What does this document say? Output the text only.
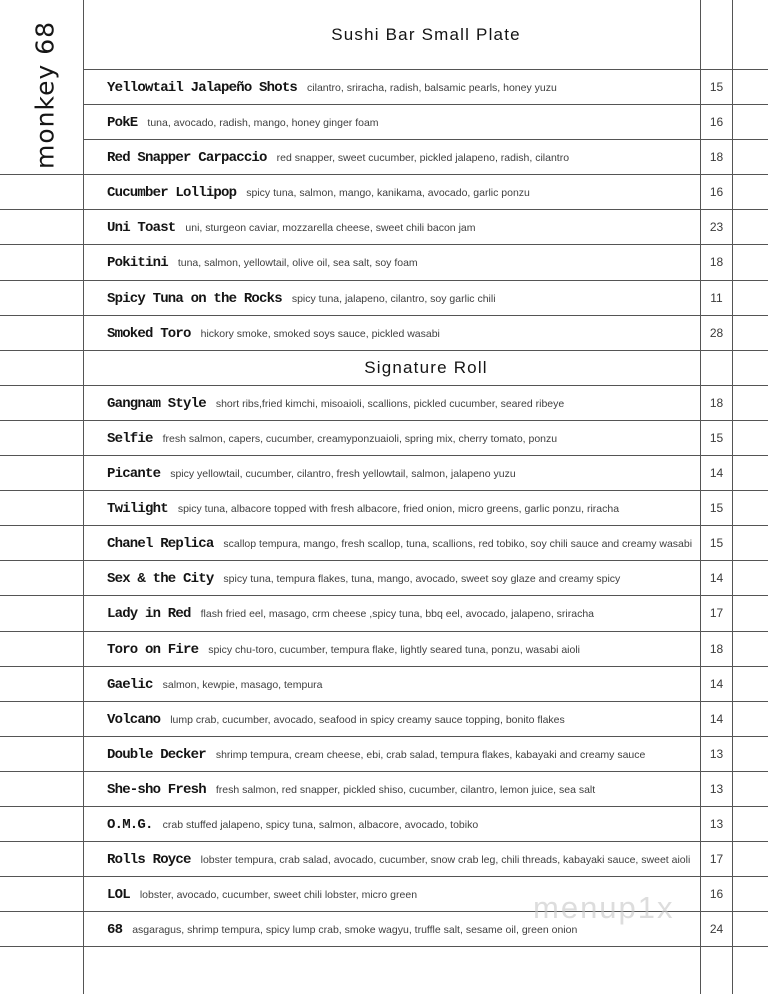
monkey 68	Sushi Bar Small Plate
Yellowtail Jalapeño Shots cilantro, sriracha, radish, balsamic pearls, honey yuzu	15
PokE tuna, avocado, radish, mango, honey ginger foam	16
Red Snapper Carpaccio red snapper, sweet cucumber, pickled jalapeno, radish, cilantro	18
Cucumber Lollipop spicy tuna, salmon, mango, kanikama, avocado, garlic ponzu	16
Uni Toast uni, sturgeon caviar, mozzarella cheese, sweet chili bacon jam	23
Pokitini tuna, salmon, yellowtail, olive oil, sea salt, soy foam	18
Spicy Tuna on the Rocks spicy tuna, jalapeno, cilantro, soy garlic chili	11
Smoked Toro hickory smoke, smoked soys sauce, pickled wasabi	28
Signature Roll
Gangnam Style short ribs,fried kimchi, misoaioli, scallions, pickled cucumber, seared ribeye	18
Selfie fresh salmon, capers, cucumber, creamyponzuaioli, spring mix, cherry tomato, ponzu	15
Picante spicy yellowtail, cucumber, cilantro, fresh yellowtail, salmon, jalapeno yuzu	14
Twilight spicy tuna, albacore topped with fresh albacore, fried onion, micro greens, garlic ponzu, riracha	15
Chanel Replica scallop tempura, mango, fresh scallop, tuna, scallions, red tobiko, soy chili sauce and creamy wasabi	15
Sex & the City spicy tuna, tempura flakes, tuna, mango, avocado, sweet soy glaze and creamy spicy	14
Lady in Red flash fried eel, masago, crm cheese ,spicy tuna, bbq eel, avocado, jalapeno, sriracha	17
Toro on Fire spicy chu-toro, cucumber, tempura flake, lightly seared tuna, ponzu, wasabi aioli	18
Gaelic salmon, kewpie, masago, tempura	14
Volcano lump crab, cucumber, avocado, seafood in spicy creamy sauce topping, bonito flakes	14
Double Decker shrimp tempura, cream cheese, ebi, crab salad, tempura flakes, kabayaki and creamy sauce	13
She-sho Fresh fresh salmon, red snapper, pickled shiso, cucumber, cilantro, lemon juice, sea salt	13
O.M.G. crab stuffed jalapeno, spicy tuna, salmon, albacore, avocado, tobiko	13
Rolls Royce lobster tempura, crab salad, avocado, cucumber, snow crab leg, chili threads, kabayaki sauce, sweet aioli	17
LOL lobster, avocado, cucumber, sweet chili lobster, micro green	16
68 asgaragus, shrimp tempura, spicy lump crab, smoke wagyu, truffle salt, sesame oil, green onion	24
menup1x
